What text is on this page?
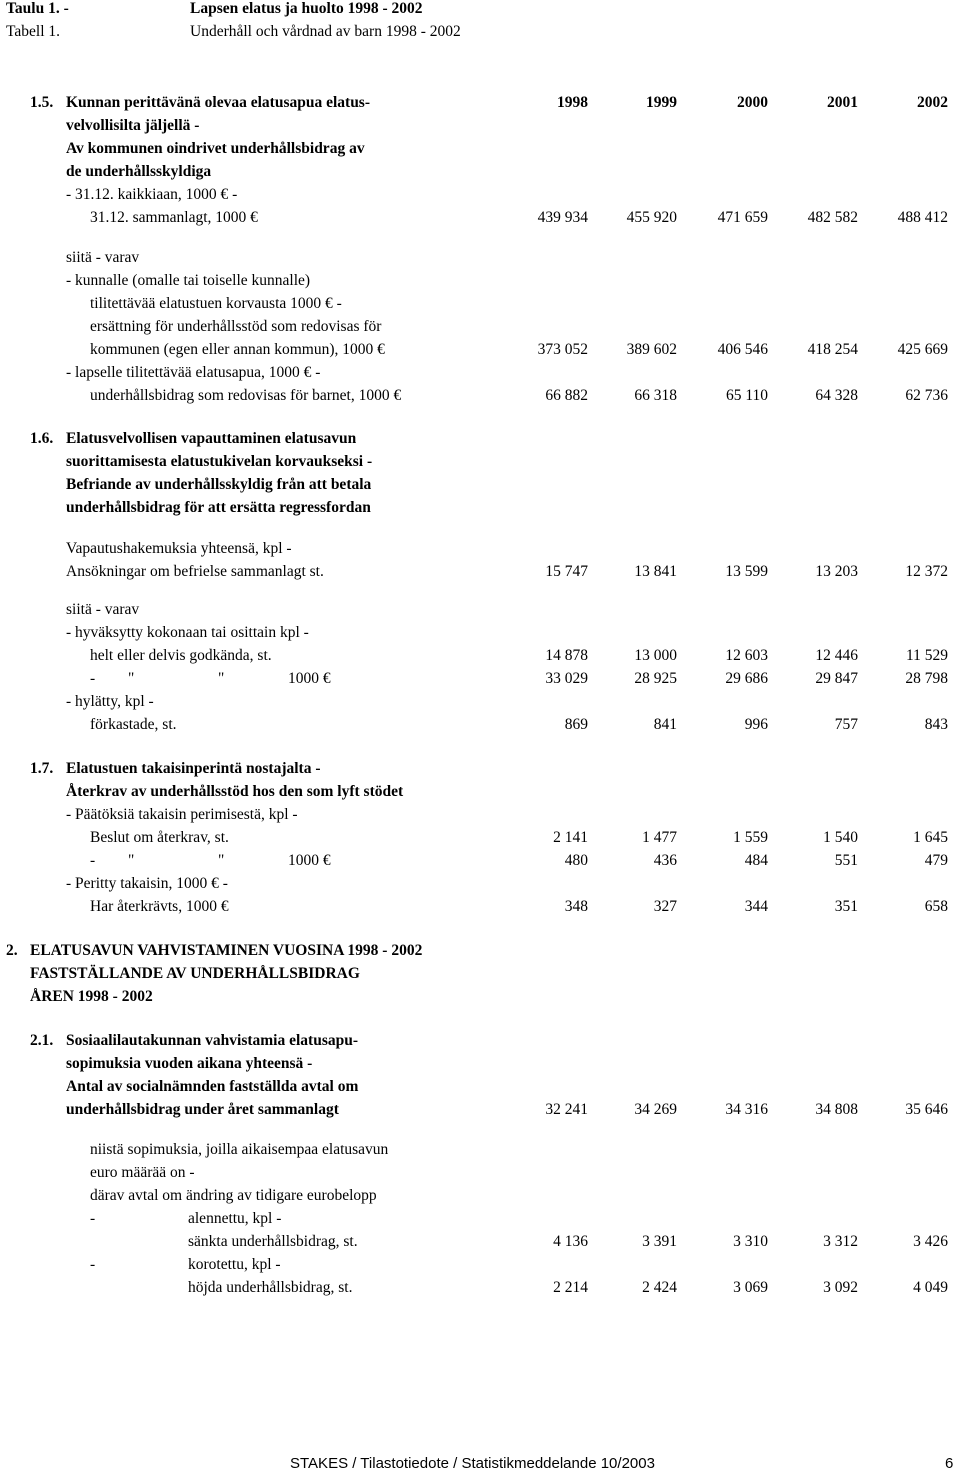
Taulu 1. -	Lapsen elatus ja huolto 1998 - 2002
Tabell 1.	Underhåll och vårdnad av barn 1998 - 2002
1.5. Kunnan perittävänä olevaa elatusapua elatus-
velvollisilta jäljellä -
Av kommunen oindrivet underhållsbidrag av
de underhållsskyldiga
1998	1999	2000	2001	2002
- 31.12. kaikkiaan, 1000 € -
31.12. sammanlagt, 1000 €	439 934	455 920	471 659	482 582	488 412
siitä - varav
- kunnalle (omalle tai toiselle kunnalle)
tilitettävää elatustuen korvausta 1000 € -
ersättning för underhållsstöd som redovisas för
kommunen (egen eller annan kommun), 1000 €	373 052	389 602	406 546	418 254	425 669
- lapselle tilitettävää elatusapua, 1000 € -
underhållsbidrag som redovisas för barnet, 1000 €	66 882	66 318	65 110	64 328	62 736
1.6. Elatusvelvollisen vapauttaminen elatusavun
suorittamisesta elatustukivelan korvaukseksi -
Befriande av underhållsskyldig från att betala
underhållsbidrag för att ersätta regressfordan
Vapautushakemuksia yhteensä, kpl -
Ansökningar om befrielse sammanlagt st.	15 747	13 841	13 599	13 203	12 372
siitä - varav
- hyväksytty kokonaan tai osittain kpl -
helt eller delvis godkända, st.	14 878	13 000	12 603	12 446	11 529
- "	"	1000 €	33 029	28 925	29 686	29 847	28 798
- hylätty, kpl -
förkastade, st.	869	841	996	757	843
1.7. Elatustuen takaisinperintä nostajalta -
Återkrav av underhållsstöd hos den som lyft stödet
- Päätöksiä takaisin perimisestä, kpl -
Beslut om återkrav, st.	2 141	1 477	1 559	1 540	1 645
- "	"	1000 €	480	436	484	551	479
- Peritty takaisin, 1000 € -
Har återkrävts, 1000 €	348	327	344	351	658
2. ELATUSAVUN VAHVISTAMINEN VUOSINA 1998 - 2002
FASTSTÄLLANDE AV UNDERHÅLLSBIDRAG
ÅREN 1998 - 2002
2.1. Sosiaalilautakunnan vahvistamia elatusapu-
sopimuksia vuoden aikana yhteensä -
Antal av socialnämnden fastställda avtal om
underhållsbidrag under året sammanlagt	32 241	34 269	34 316	34 808	35 646
niistä sopimuksia, joilla aikaisempaa elatusavun
euro määrää on -
därav avtal om ändring av tidigare eurobelopp
-	alennettu, kpl -
sänkta underhållsbidrag, st.	4 136	3 391	3 310	3 312	3 426
-	korotettu, kpl -
höjda underhållsbidrag, st.	2 214	2 424	3 069	3 092	4 049
STAKES / Tilastotiedote / Statistikmeddelande 10/2003	6
